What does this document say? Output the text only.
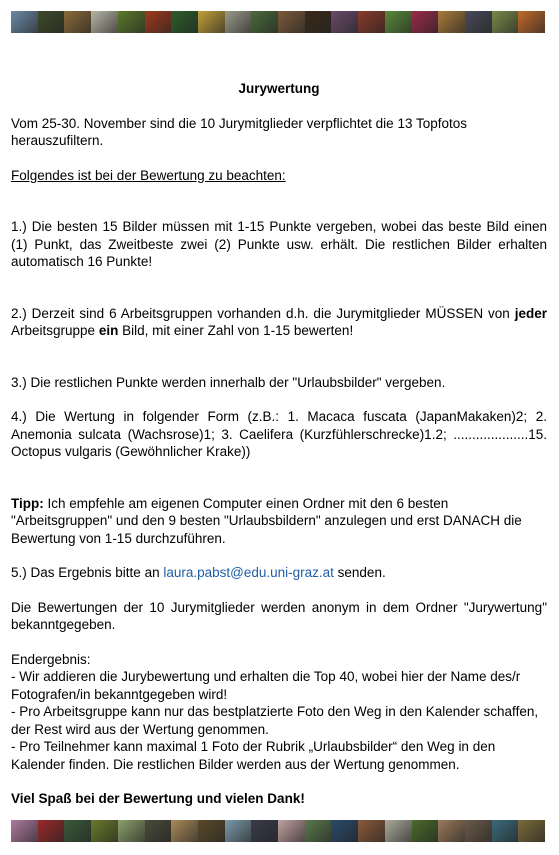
Jurywertung

Vom 25-30. November sind die 10 Jurymitglieder verpflichtet die 13 Topfotos herauszufiltern.

Folgendes ist bei der Bewertung zu beachten:

1.) Die besten 15 Bilder müssen mit 1-15 Punkte vergeben, wobei das beste Bild einen (1) Punkt, das Zweitbeste zwei (2) Punkte usw. erhält. Die restlichen Bilder erhalten automatisch 16 Punkte!

2.) Derzeit sind 6 Arbeitsgruppen vorhanden d.h. die Jurymitglieder MÜSSEN von jeder Arbeitsgruppe ein Bild, mit einer Zahl von 1-15 bewerten!

3.) Die restlichen Punkte werden innerhalb der "Urlaubsbilder" vergeben.

4.) Die Wertung in folgender Form (z.B.: 1. Macaca fuscata (JapanMakaken)2; 2. Anemonia sulcata (Wachsrose)1; 3. Caelifera (Kurzfühlerschrecke)1.2; ....................15. Octopus vulgaris (Gewöhnlicher Krake))

Tipp: Ich empfehle am eigenen Computer einen Ordner mit den 6 besten "Arbeitsgruppen" und den 9 besten "Urlaubsbildern" anzulegen und erst DANACH die Bewertung von 1-15 durchzuführen.

5.) Das Ergebnis bitte an laura.pabst@edu.uni-graz.at senden.

Die Bewertungen der 10 Jurymitglieder werden anonym in dem Ordner "Jurywertung" bekanntgegeben.

Endergebnis:

- Wir addieren die Jurybewertung und erhalten die Top 40, wobei hier der Name des/r Fotografen/in bekanntgegeben wird!

- Pro Arbeitsgruppe kann nur das bestplatzierte Foto den Weg in den Kalender schaffen, der Rest wird aus der Wertung genommen.

- Pro Teilnehmer kann maximal 1 Foto der Rubrik „Urlaubsbilder“ den Weg in den Kalender finden. Die restlichen Bilder werden aus der Wertung genommen.

Viel Spaß bei der Bewertung und vielen Dank!
